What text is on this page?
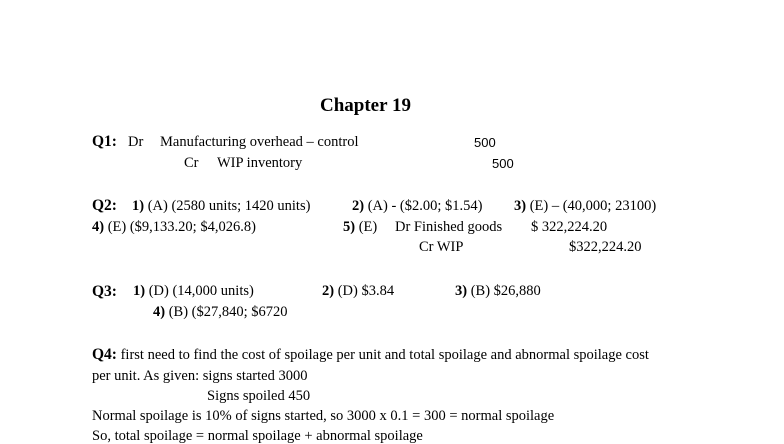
Chapter 19
Q1: Dr Manufacturing overhead – control	500
Cr WIP inventory	500
Q2: 1) (A) (2580 units; 1420 units)	2) (A) - ($2.00; $1.54) 3) (E) – (40,000; 23100)
4) (E) ($9,133.20; $4,026.8)	5) (E) Dr Finished goods $ 322,224.20
Cr WIP	$322,224.20
Q3: 1) (D) (14,000 units)	2) (D) $3.84	3) (B) $26,880
4) (B) ($27,840; $6720
Q4: first need to find the cost of spoilage per unit and total spoilage and abnormal spoilage cost
per unit. As given: signs started 3000
Signs spoiled 450
Normal spoilage is 10% of signs started, so 3000 x 0.1 = 300 = normal spoilage
So, total spoilage = normal spoilage + abnormal spoilage
